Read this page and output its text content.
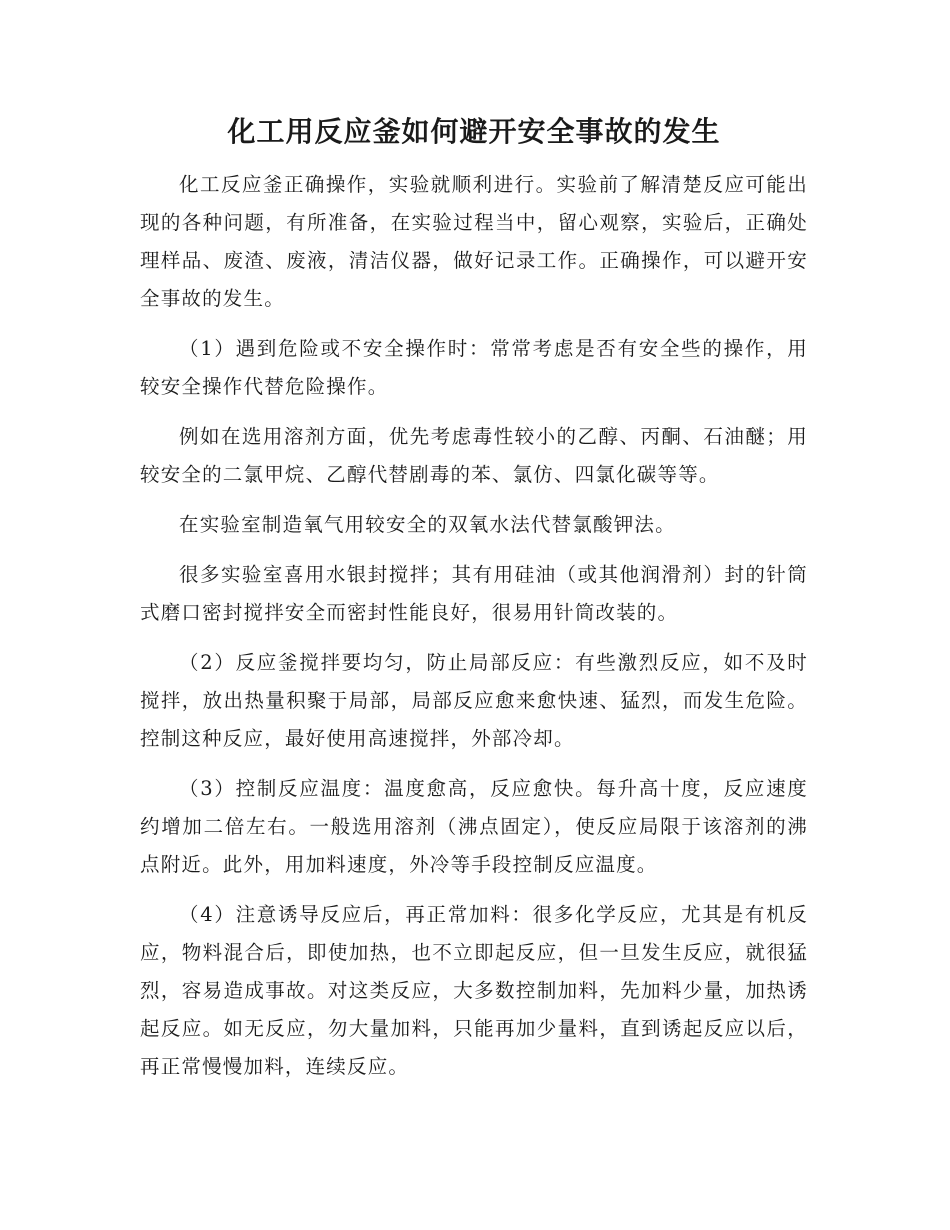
化工用反应釜如何避开安全事故的发生

化工反应釜正确操作，实验就顺利进行。实验前了解清楚反应可能出现的各种问题，有所准备，在实验过程当中，留心观察，实验后，正确处理样品、废渣、废液，清洁仪器，做好记录工作。正确操作，可以避开安全事故的发生。

（1）遇到危险或不安全操作时：常常考虑是否有安全些的操作，用较安全操作代替危险操作。

例如在选用溶剂方面，优先考虑毒性较小的乙醇、丙酮、石油醚；用较安全的二氯甲烷、乙醇代替剧毒的苯、氯仿、四氯化碳等等。

在实验室制造氧气用较安全的双氧水法代替氯酸钾法。

很多实验室喜用水银封搅拌；其有用硅油（或其他润滑剂）封的针筒式磨口密封搅拌安全而密封性能良好，很易用针筒改装的。

（2）反应釜搅拌要均匀，防止局部反应：有些激烈反应，如不及时搅拌，放出热量积聚于局部，局部反应愈来愈快速、猛烈，而发生危险。控制这种反应，最好使用高速搅拌，外部冷却。

（3）控制反应温度：温度愈高，反应愈快。每升高十度，反应速度约增加二倍左右。一般选用溶剂（沸点固定），使反应局限于该溶剂的沸点附近。此外，用加料速度，外冷等手段控制反应温度。

（4）注意诱导反应后，再正常加料：很多化学反应，尤其是有机反应，物料混合后，即使加热，也不立即起反应，但一旦发生反应，就很猛烈，容易造成事故。对这类反应，大多数控制加料，先加料少量，加热诱起反应。如无反应，勿大量加料，只能再加少量料，直到诱起反应以后，再正常慢慢加料，连续反应。
